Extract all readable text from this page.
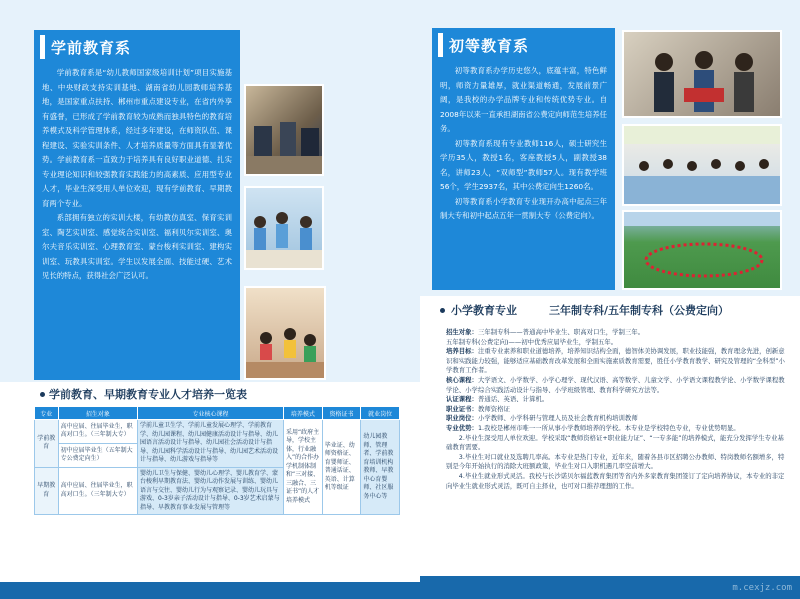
学前教育系

学前教育系是“幼儿教师国家级培训计划”项目实施基地、中央财政支持实训基地、湖南省幼儿园教师培养基地，是国家重点扶持、郴州市重点建设专业，在省内外享有盛誉，已形成了学前教育较为成熟而独具特色的教育培养模式及科学管理体系，经过多年建设，在师资队伍、课程建设、实验实训条件、人才培养质量等方面具有显著优势。学前教育系一直致力于培养具有良好职业道德、扎实专业理论知识和较强教育实践能力的高素质、应用型专业人才，毕业生深受用人单位欢迎，现有学前教育、早期教育两个专业。

系部拥有独立的实训大楼，有幼教仿真室、保育实训室、陶艺实训室、感觉统合实训室、福利贝尔实训室、奥尔夫音乐实训室、心理教育室、蒙台梭利实训室、建构实训室、玩教具实训室。学生以发展全面、技能过硬、艺术见长的特点，获得社会广泛认可。

初等教育系

初等教育系办学历史悠久，底蕴丰富，特色鲜明，师资力量雄厚，就业渠道畅通，发展前景广阔，是我校的办学品牌专业和传统优势专业。自2008年以来一直承担湖南省公费定向师范生培养任务。

初等教育系现有专业教师116人，硕士研究生学历35人，教授1名，客座教授5人，副教授38名，讲师23人，“双师型”教师57人。现有教学班56个，学生2937名，其中公费定向生1260名。

初等教育系小学教育专业现开办高中起点三年制大专和初中起点五年一贯制大专（公费定向）。

学前教育、早期教育专业人才培养一览表
专业	招生对象	专业核心课程	培养模式	资格证书	就业岗位
学前教育	高中应届、往届毕业生，职高对口生。（三年制大专）	学前儿童卫生学、学前儿童发展心理学、学前教育学、幼儿园课程、幼儿园健康活动设计与指导、幼儿园语言活动设计与指导、幼儿园社会活动设计与指导、幼儿园科学活动设计与指导、幼儿园艺术活动设计与指导、幼儿游戏与指导等	采用“政府主导，学校主体，行业融入”的合作办学机制体制和“三对接、三融合、三证书”的人才培养模式	毕业证、幼师资格证、育婴师证、普通话证、英语、计算机等级证	幼儿园教师、管理者、学前教育培训机构教师、早教中心育婴师、社区服务中心等
	初中应届毕业生（五年制大专公费定向生）				
早期教育	高中应届、往届毕业生，职高对口生。（三年制大专）	婴幼儿卫生与保健、婴幼儿心理学、婴儿教育学、蒙台梭利早期教育法、婴幼儿动作发展与训练、婴幼儿语言与交往、婴幼儿行为与观察记录、婴幼儿玩具与游戏、0-3岁亲子活动设计与指导、0-3岁艺术启蒙与指导、早教教育事业发展与管理等			
小学教育专业	三年制专科/五年制专科（公费定向）
招生对象：三年制专科——普通高中毕业生、职高对口生，学制三年。
五年制专科(公费定向)——初中优秀应届毕业生，学制五年。
培养目标：注重专业素养和职业道德培养，培养知识结构全面，德智体美协调发展，职业技能强，教育理念先进，创新意识和实践能力较强，能够适应基础教育改革发展和全面实施素质教育需要，胜任小学教育教学、研究及管理的“全科型”小学教育工作者。
核心课程：大学语文、小学数学、小学心理学、现代汉语、高等数学、儿童文学、小学语文课程教学论、小学数学课程教学论、小学综合实践活动设计与指导、小学班级管理、教育科学研究方法等。
认证课程：普通话、英语、计算机。
职业证书：教师资格证
职业岗位：小学教师、小学科研与管理人员及社会教育机构培训教师
专业优势：1.我校是郴州市唯一一所从事小学教师培养的学校。本专业是学校特色专业，专业优势明显。
2.毕业生深受用人单位欢迎。学校采取“教师资格证+职业能力证”、“一专多能”的培养模式，能充分发挥学生专业基础教育需要。
3.毕业生对口就业及选聘几率高。本专业是热门专业，近年来，随着各县市区招聘公办教师、特岗教师名额增多，特别是今年开始执行的消除大班额政策，毕业生对口入职机遇几率空前增大。
4.毕业生就业形式灵活。我校与长沙诺贝尔福蓝教育集团等省内外多家教育集团签订了定向培养协议，本专业的非定向毕业生就业形式灵活，既可自主择业，也可对口推荐理想的工作。
m.cexjz.com
